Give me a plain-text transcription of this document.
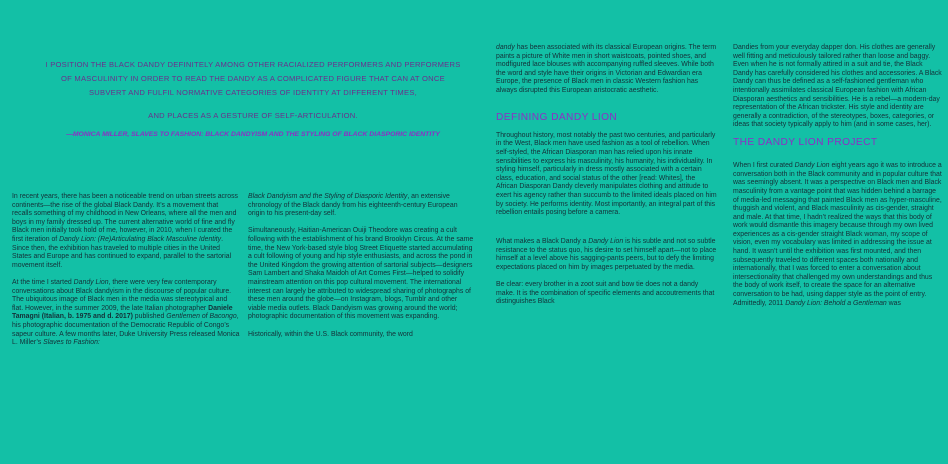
I POSITION THE BLACK DANDY DEFINITELY AMONG OTHER RACIALIZED PERFORMERS AND PERFORMERS OF MASCULINITY IN ORDER TO READ THE DANDY AS A COMPLICATED FIGURE THAT CAN AT ONCE SUBVERT AND FULFIL NORMATIVE CATEGORIES OF IDENTITY AT DIFFERENT TIMES,

AND PLACES AS A GESTURE OF SELF-ARTICULATION.

—MONICA MILLER, SLAVES TO FASHION: BLACK DANDYISM AND THE STYLING OF BLACK DIASPORIC IDENTITY

In recent years, there has been a noticeable trend on urban streets across continents—the rise of the global Black Dandy. It’s a movement that recalls something of my childhood in New Orleans, where all the men and boys in my family dressed up. The current alternative world of fine and fly Black men initially took hold of me, however, in 2010, when I curated the first iteration of Dandy Lion: (Re)Articulating Black Masculine Identity. Since then, the exhibition has traveled to multiple cities in the United States and Europe and has continued to expand, parallel to the sartorial movement itself.

At the time I started Dandy Lion, there were very few contemporary conversations about Black dandyism in the discourse of popular culture. The ubiquitous image of Black men in the media was stereotypical and flat. However, in the summer 2009, the late Italian photographer Daniele Tamagni (Italian, b. 1975 and d. 2017) published Gentlemen of Bacongo, his photographic documentation of the Democratic Republic of Congo’s sapeur culture. A few months later, Duke University Press released Monica L. Miller’s Slaves to Fashion:

Black Dandyism and the Styling of Diasporic Identity, an extensive chronology of the Black dandy from his eighteenth-century European origin to his present-day self.

Simultaneously, Haitian-American Ouiji Theodore was creating a cult following with the establishment of his brand Brooklyn Circus. At the same time, the New York-based style blog Street Etiquette started accumulating a cult following of young and hip style enthusiasts, and across the pond in the United Kingdom the growing attention of sartorial subjects—designers Sam Lambert and Shaka Maidoh of Art Comes First—helped to solidify mainstream attention on this pop cultural movement. The international interest can largely be attributed to widespread sharing of photographs of these men around the globe—on Instagram, blogs, Tumblr and other viable media outlets. Black Dandyism was growing around the world; photographic documentation of this movement was expanding.

Historically, within the U.S. Black community, the word

dandy has been associated with its classical European origins. The term paints a picture of White men in short waistcoats, pointed shoes, and modfigured lace blouses with accompanying ruffled sleeves. While both the word and style have their origins in Victorian and Edwardian era Europe, the presence of Black men in classic Western fashion has always disrupted this European aristocratic aesthetic.

DEFINING DANDY LION

Throughout history, most notably the past two centuries, and particularly in the West, Black men have used fashion as a tool of rebellion. When self-styled, the African Diasporan man has relied upon his innate sensibilities to express his masculinity, his humanity, his individuality. In styling himself, particularly in dress mostly associated with a certain class, education, and social status of the other [read: Whites], the African Diasporan Dandy cleverly manipulates clothing and attitude to exert his agency rather than succumb to the limited ideals placed on him by society. He performs identity. Most importantly, an integral part of this rebellion entails posing before a camera.

What makes a Black Dandy a Dandy Lion is his subtle and not so subtle resistance to the status quo, his desire to set himself apart—not to place himself at a level above his sagging-pants peers, but to defy the limiting expectations placed on him by images perpetuated by the media.

Be clear: every brother in a zoot suit and bow tie does not a dandy make. It is the combination of specific elements and accoutrements that distinguishes Black

Dandies from your everyday dapper don. His clothes are generally well fitting and meticulously tailored rather than loose and baggy. Even when he is not formally attired in a suit and tie, the Black Dandy has carefully considered his clothes and accessories. A Black Dandy can thus be defined as a self-fashioned gentleman who intentionally assimilates classical European fashion with African Diasporan aesthetics and sensibilities. He is a rebel—a modern-day representation of the African trickster. His style and identity are generally a contradiction, of the stereotypes, boxes, categories, or ideas that society typically apply to him (and in some cases, her).

THE DANDY LION PROJECT

When I first curated Dandy Lion eight years ago it was to introduce a conversation both in the Black community and in popular culture that was seemingly absent. It was a perspective on Black men and Black masculinity from a vantage point that was hidden behind a barrage of media-led messaging that painted Black men as hyper-masculine, thuggish and violent, and Black masculinity as cis-gender, straight and male. At that time, I hadn’t realized the ways that this body of work would dismantle this imagery because through my own lived experiences as a cis-gender straight Black woman, my scope of vision, even my vocabulary was limited in addressing the issue at hand. It wasn’t until the exhibition was first mounted, and then subsequently traveled to different spaces both nationally and internationally, that I was forced to enter a conversation about intersectionality that challenged my own understandings and thus the body of work itself, to create the space for an alternative conversation to be had, using dapper style as the point of entry. Admittedly, 2011 Dandy Lion: Behold a Gentleman was
